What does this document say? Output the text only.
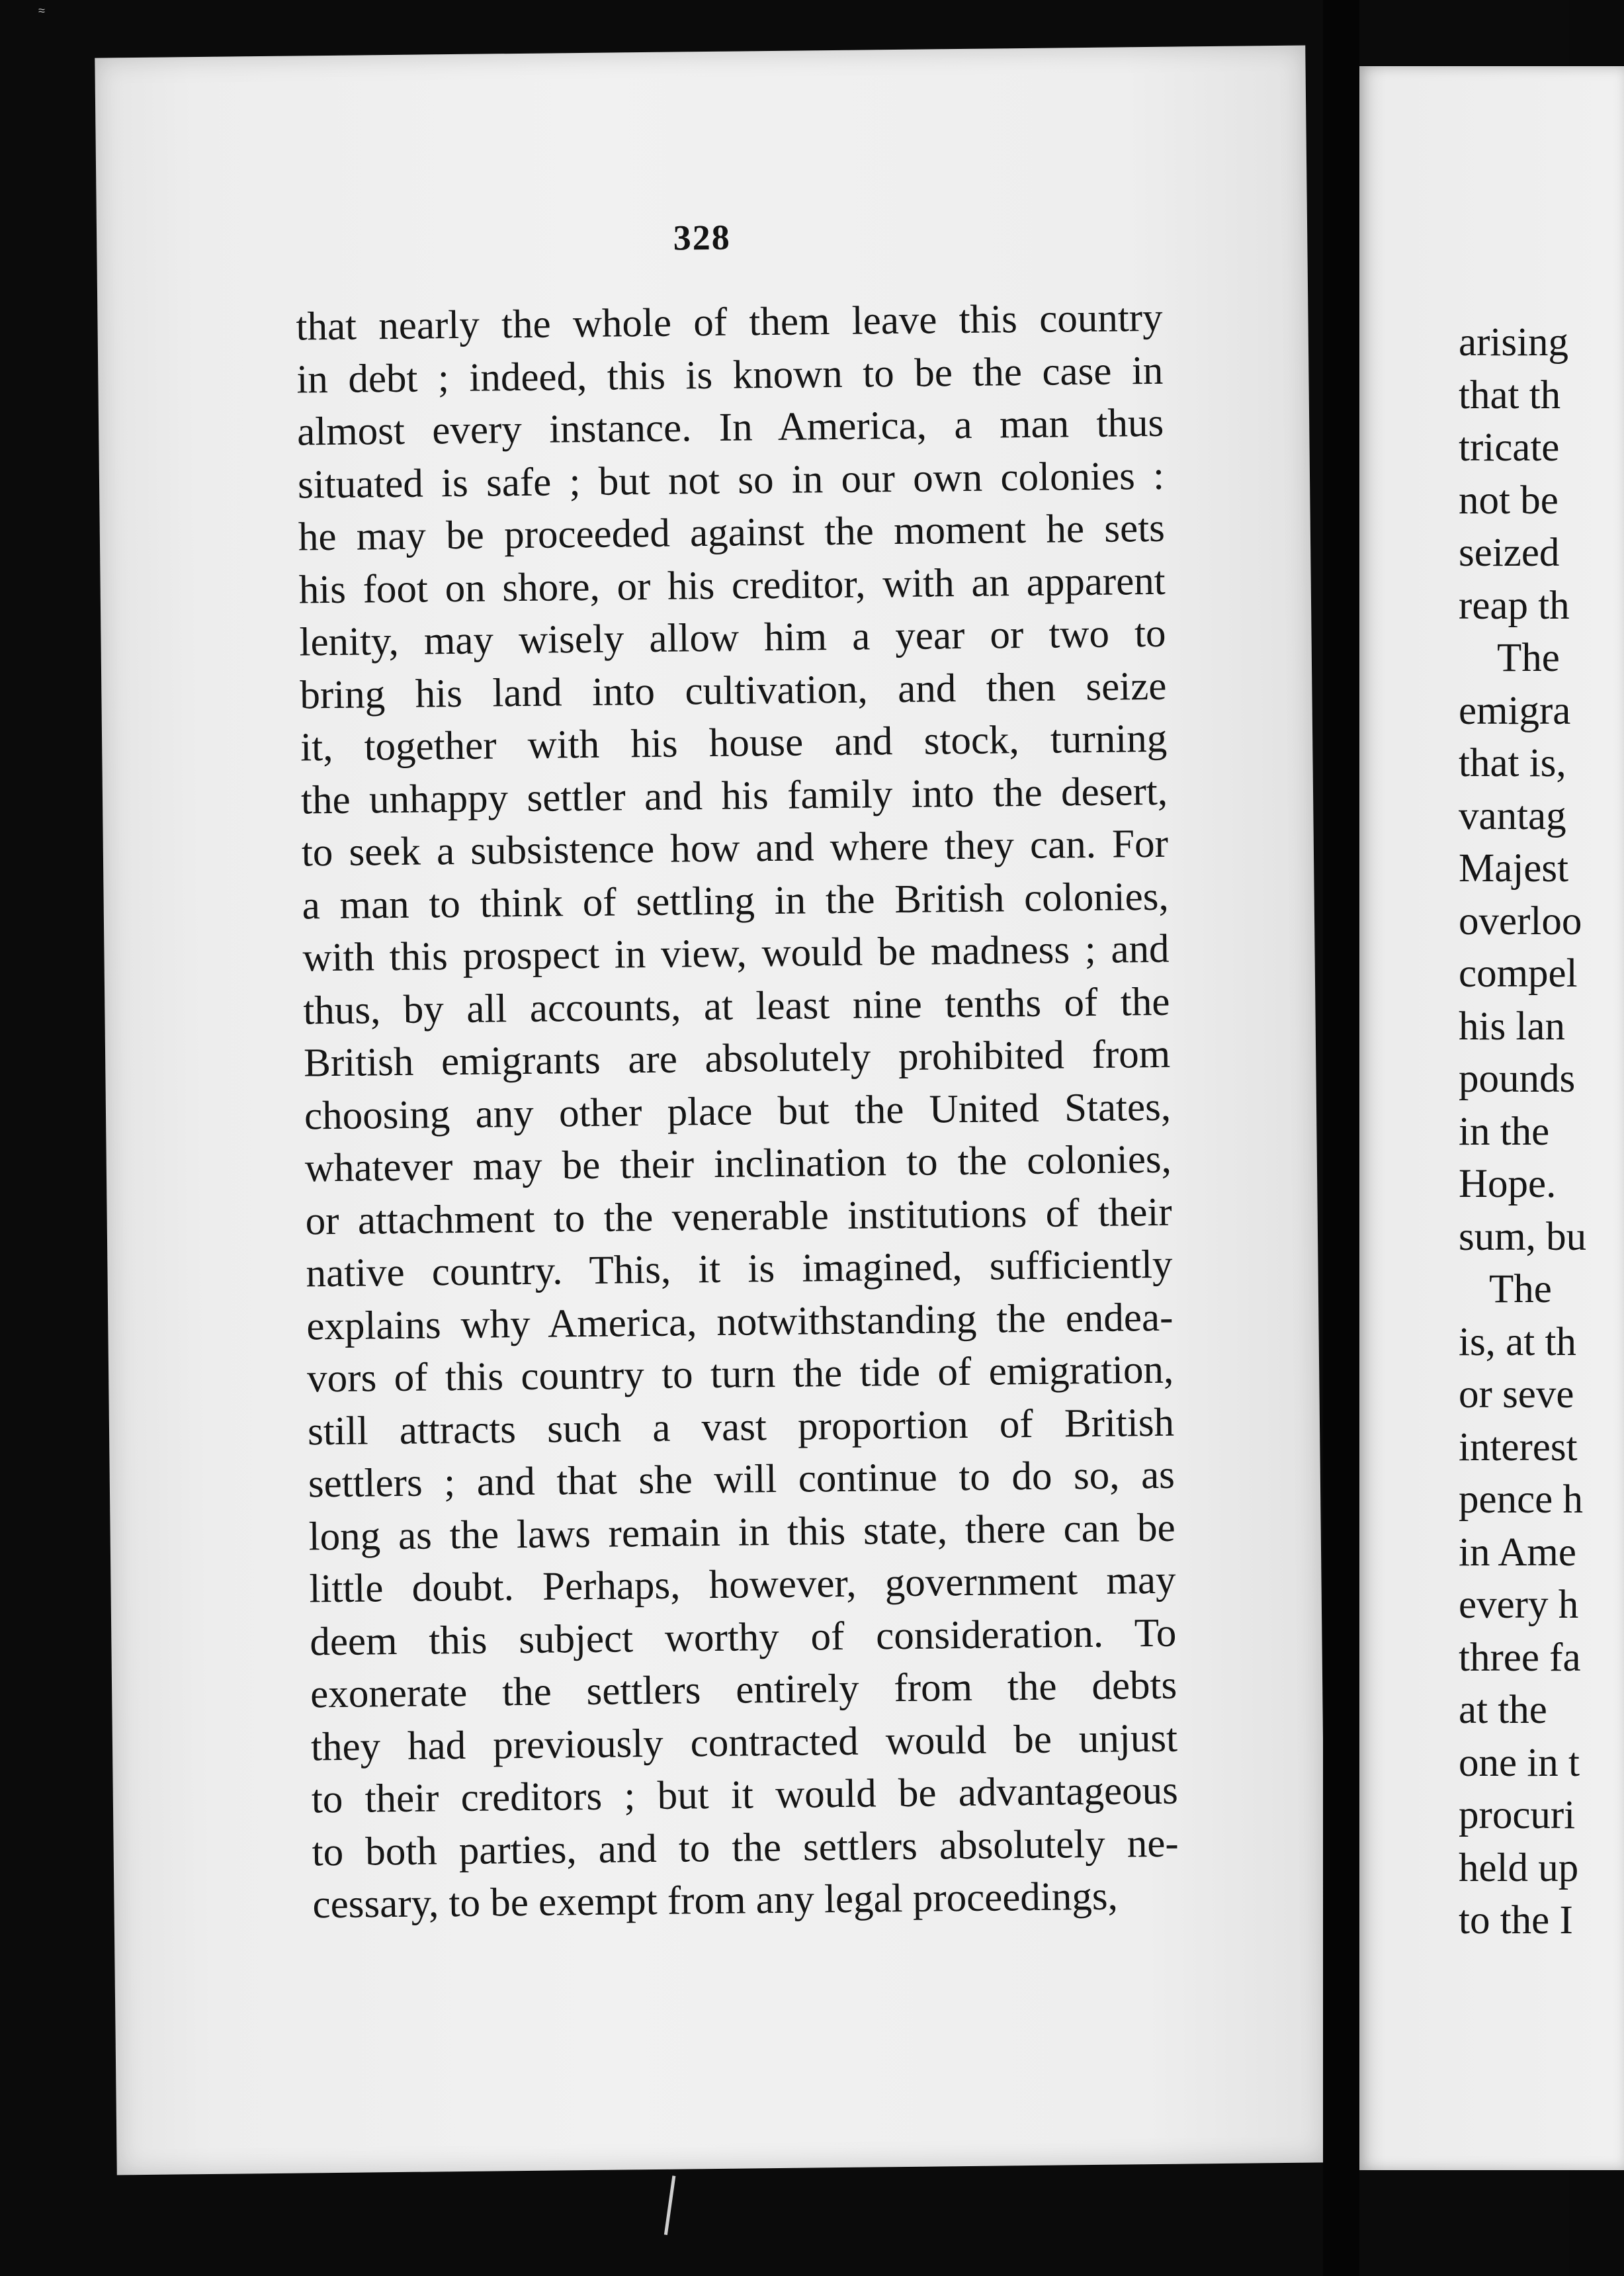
≈
328
that nearly the whole of them leave this country
in debt ; indeed, this is known to be the case in
almost every instance. In America, a man thus
situated is safe ; but not so in our own colonies :
he may be proceeded against the moment he sets
his foot on shore, or his creditor, with an apparent
lenity, may wisely allow him a year or two to
bring his land into cultivation, and then seize
it, together with his house and stock, turning
the unhappy settler and his family into the desert,
to seek a subsistence how and where they can. For
a man to think of settling in the British colonies,
with this prospect in view, would be madness ; and
thus, by all accounts, at least nine tenths of the
British emigrants are absolutely prohibited from
choosing any other place but the United States,
whatever may be their inclination to the colonies,
or attachment to the venerable institutions of their
native country. This, it is imagined, sufficiently
explains why America, notwithstanding the endea-
vors of this country to turn the tide of emigration,
still attracts such a vast proportion of British
settlers ; and that she will continue to do so, as
long as the laws remain in this state, there can be
little doubt. Perhaps, however, government may
deem this subject worthy of consideration. To
exonerate the settlers entirely from the debts
they had previously contracted would be unjust
to their creditors ; but it would be advantageous
to both parties, and to the settlers absolutely ne-
cessary, to be exempt from any legal proceedings,
arising
that th
tricate
not be
seized
reap th
The
emigra
that is,
vantag
Majest
overloo
compel
his lan
pounds
in the
Hope.
sum, bu
The
is, at th
or seve
interest
pence h
in Ame
every h
three fa
at the
one in t
procuri
held up
to the I
